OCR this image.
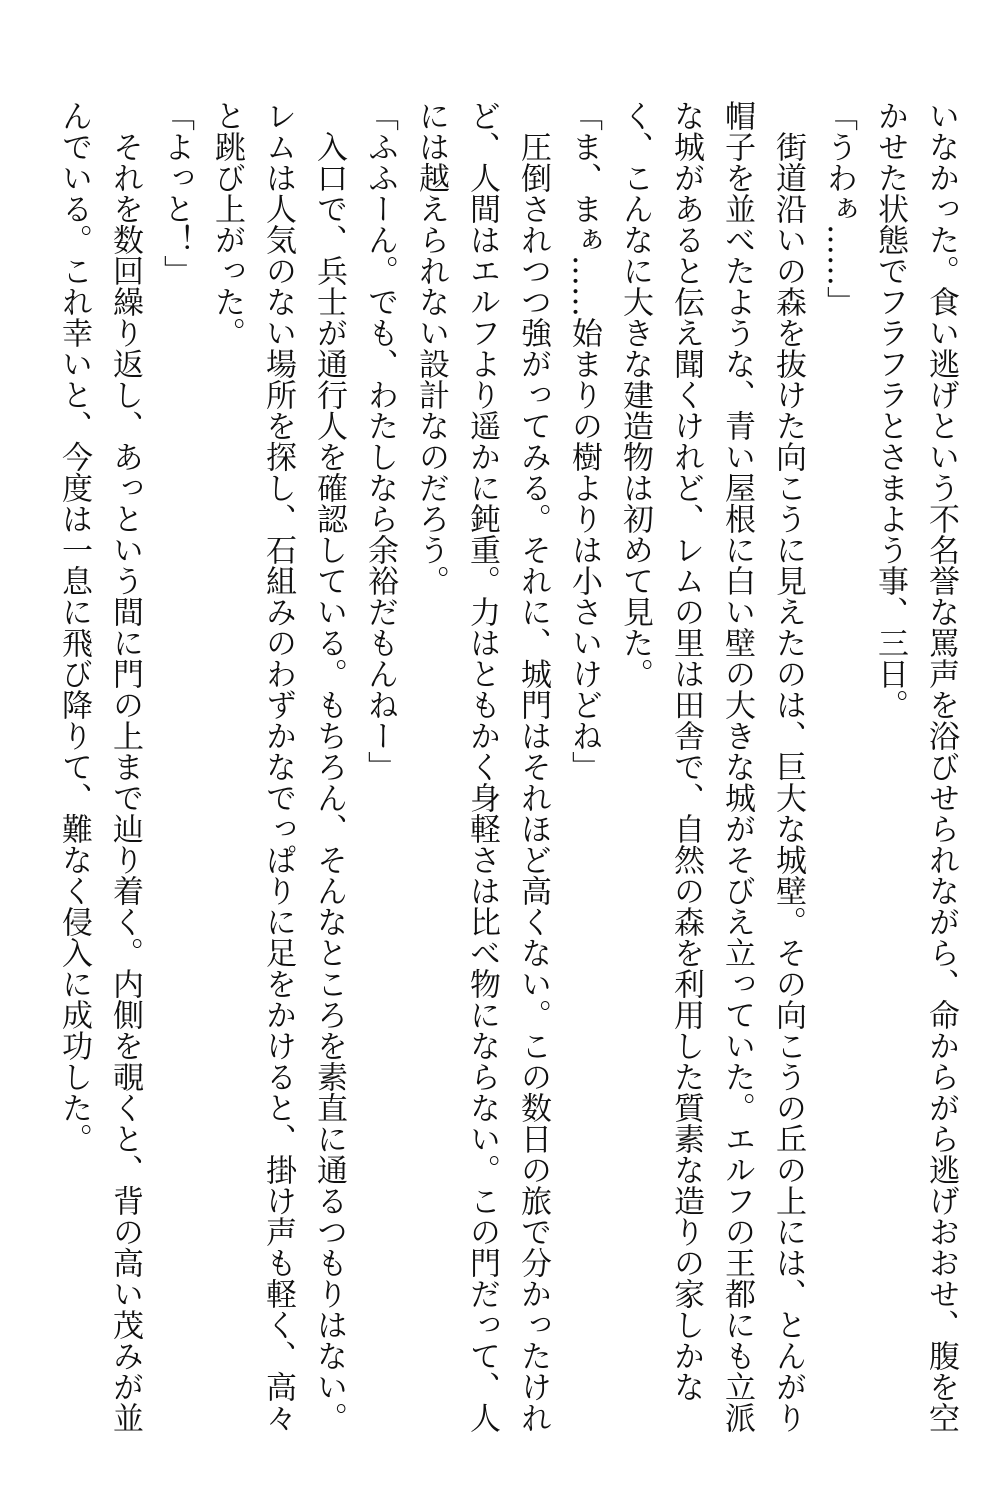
いなかった。食い逃げという不名誉な罵声を浴びせられながら、命からがら逃げおおせ、腹を空かせた状態でフラフラとさまよう事、三日。

「うわぁ……」

街道沿いの森を抜けた向こうに見えたのは、巨大な城壁。その向こうの丘の上には、とんがり帽子を並べたような、青い屋根に白い壁の大きな城がそびえ立っていた。エルフの王都にも立派な城があると伝え聞くけれど、レムの里は田舎で、自然の森を利用した質素な造りの家しかなく、こんなに大きな建造物は初めて見た。

「ま、まぁ……始まりの樹よりは小さいけどね」

圧倒されつつ強がってみる。それに、城門はそれほど高くない。この数日の旅で分かったけれど、人間はエルフより遥かに鈍重。力はともかく身軽さは比べ物にならない。この門だって、人には越えられない設計なのだろう。

「ふふーん。でも、わたしなら余裕だもんねー」

入口で、兵士が通行人を確認している。もちろん、そんなところを素直に通るつもりはない。レムは人気のない場所を探し、石組みのわずかなでっぱりに足をかけると、掛け声も軽く、高々と跳び上がった。

「よっと！」

それを数回繰り返し、あっという間に門の上まで辿り着く。内側を覗くと、背の高い茂みが並んでいる。これ幸いと、今度は一息に飛び降りて、難なく侵入に成功した。
